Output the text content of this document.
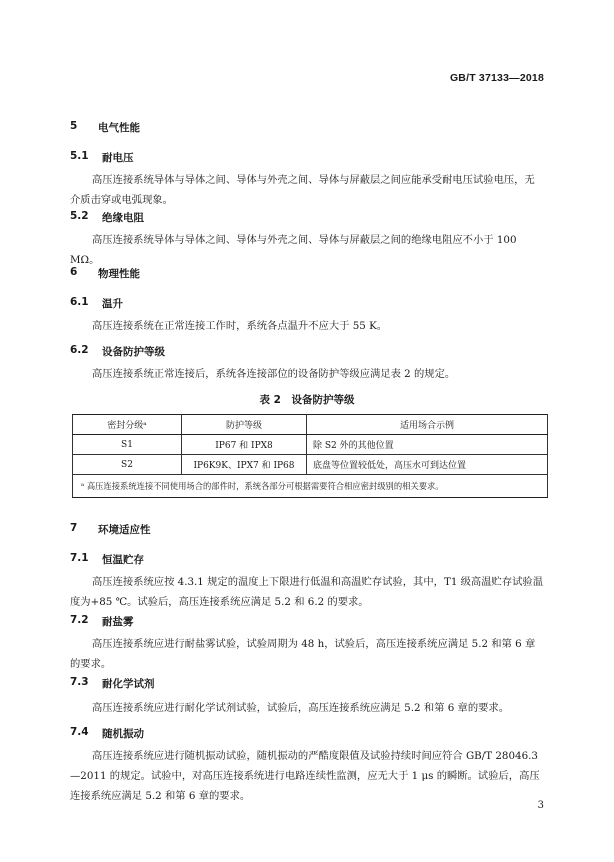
GB/T 37133—2018
5	电气性能
5.1	耐电压
高压连接系统导体与导体之间、导体与外壳之间、导体与屏蔽层之间应能承受耐电压试验电压，无介质击穿或电弧现象。
5.2	绝缘电阻
高压连接系统导体与导体之间、导体与外壳之间、导体与屏蔽层之间的绝缘电阻应不小于 100 MΩ。
6	物理性能
6.1	温升
高压连接系统在正常连接工作时，系统各点温升不应大于 55 K。
6.2	设备防护等级
高压连接系统正常连接后，系统各连接部位的设备防护等级应满足表 2 的规定。
表 2　设备防护等级
密封分级ᵃ	防护等级	适用场合示例
S1	IP67 和 IPX8	除 S2 外的其他位置
S2	IP6K9K、IPX7 和 IP68	底盘等位置较低处，高压水可到达位置
ᵃ 高压连接系统连接不同使用场合的部件时，系统各部分可根据需要符合相应密封级别的相关要求。		
7	环境适应性
7.1	恒温贮存
高压连接系统应按 4.3.1 规定的温度上下限进行低温和高温贮存试验，其中，T1 级高温贮存试验温度为+85 ℃。试验后，高压连接系统应满足 5.2 和 6.2 的要求。
7.2	耐盐雾
高压连接系统应进行耐盐雾试验，试验周期为 48 h，试验后，高压连接系统应满足 5.2 和第 6 章的要求。
7.3	耐化学试剂
高压连接系统应进行耐化学试剂试验，试验后，高压连接系统应满足 5.2 和第 6 章的要求。
7.4	随机振动
高压连接系统应进行随机振动试验，随机振动的严酷度限值及试验持续时间应符合 GB/T 28046.3—2011 的规定。试验中，对高压连接系统进行电路连续性监测，应无大于 1 μs 的瞬断。试验后，高压连接系统应满足 5.2 和第 6 章的要求。
3
